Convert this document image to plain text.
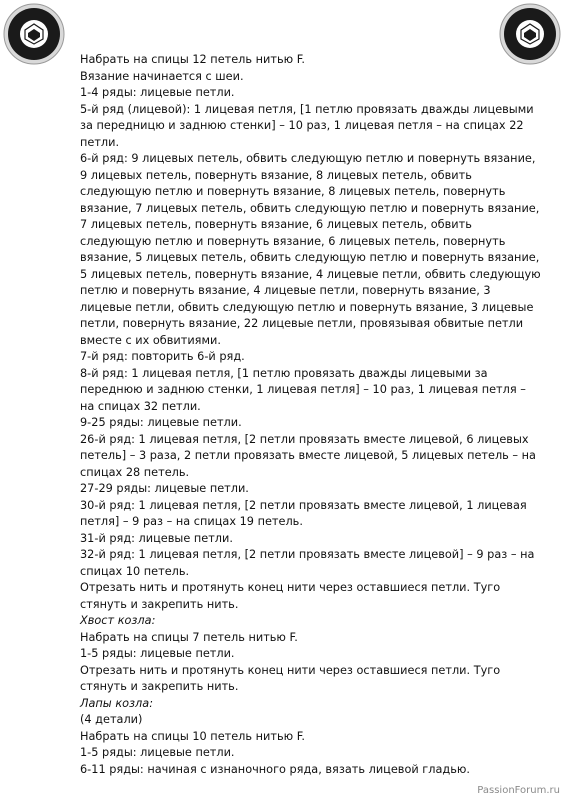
Набрать на спицы 12 петель нитью F.

Вязание начинается с шеи.

1-4 ряды: лицевые петли.

5-й ряд (лицевой): 1 лицевая петля, [1 петлю провязать дважды лицевыми за передницю и заднюю стенки] – 10 раз, 1 лицевая петля – на спицах 22 петли.

6-й ряд: 9 лицевых петель, обвить следующую петлю и повернуть вязание, 9 лицевых петель, повернуть вязание, 8 лицевых петель, обвить следующую петлю и повернуть вязание, 8 лицевых петель, повернуть вязание, 7 лицевых петель, обвить следующую петлю и повернуть вязание, 7 лицевых петель, повернуть вязание, 6 лицевых петель, обвить следующую петлю и повернуть вязание, 6 лицевых петель, повернуть вязание, 5 лицевых петель, обвить следующую петлю и повернуть вязание, 5 лицевых петель, повернуть вязание, 4 лицевые петли, обвить следующую петлю и повернуть вязание, 4 лицевые петли, повернуть вязание, 3 лицевые петли, обвить следующую петлю и повернуть вязание, 3 лицевые петли, повернуть вязание, 22 лицевые петли, провязывая обвитые петли вместе с их обвитиями.

7-й ряд: повторить 6-й ряд.

8-й ряд: 1 лицевая петля, [1 петлю провязать дважды лицевыми за переднюю и заднюю стенки, 1 лицевая петля] – 10 раз, 1 лицевая петля – на спицах 32 петли.

9-25 ряды: лицевые петли.

26-й ряд: 1 лицевая петля, [2 петли провязать вместе лицевой, 6 лицевых петель] – 3 раза, 2 петли провязать вместе лицевой, 5 лицевых петель – на спицах 28 петель.

27-29 ряды: лицевые петли.

30-й ряд: 1 лицевая петля, [2 петли провязать вместе лицевой, 1 лицевая петля] – 9 раз – на спицах 19 петель.

31-й ряд: лицевые петли.

32-й ряд: 1 лицевая петля, [2 петли провязать вместе лицевой] – 9 раз – на спицах 10 петель.

Отрезать нить и протянуть конец нити через оставшиеся петли. Туго стянуть и закрепить нить.

Хвост козла:

Набрать на спицы 7 петель нитью F.

1-5 ряды: лицевые петли.

Отрезать нить и протянуть конец нити через оставшиеся петли. Туго стянуть и закрепить нить.

Лапы козла:

(4 детали)

Набрать на спицы 10 петель нитью F.

1-5 ряды: лицевые петли.

6-11 ряды: начиная с изнаночного ряда, вязать лицевой гладью.

PassionForum.ru
